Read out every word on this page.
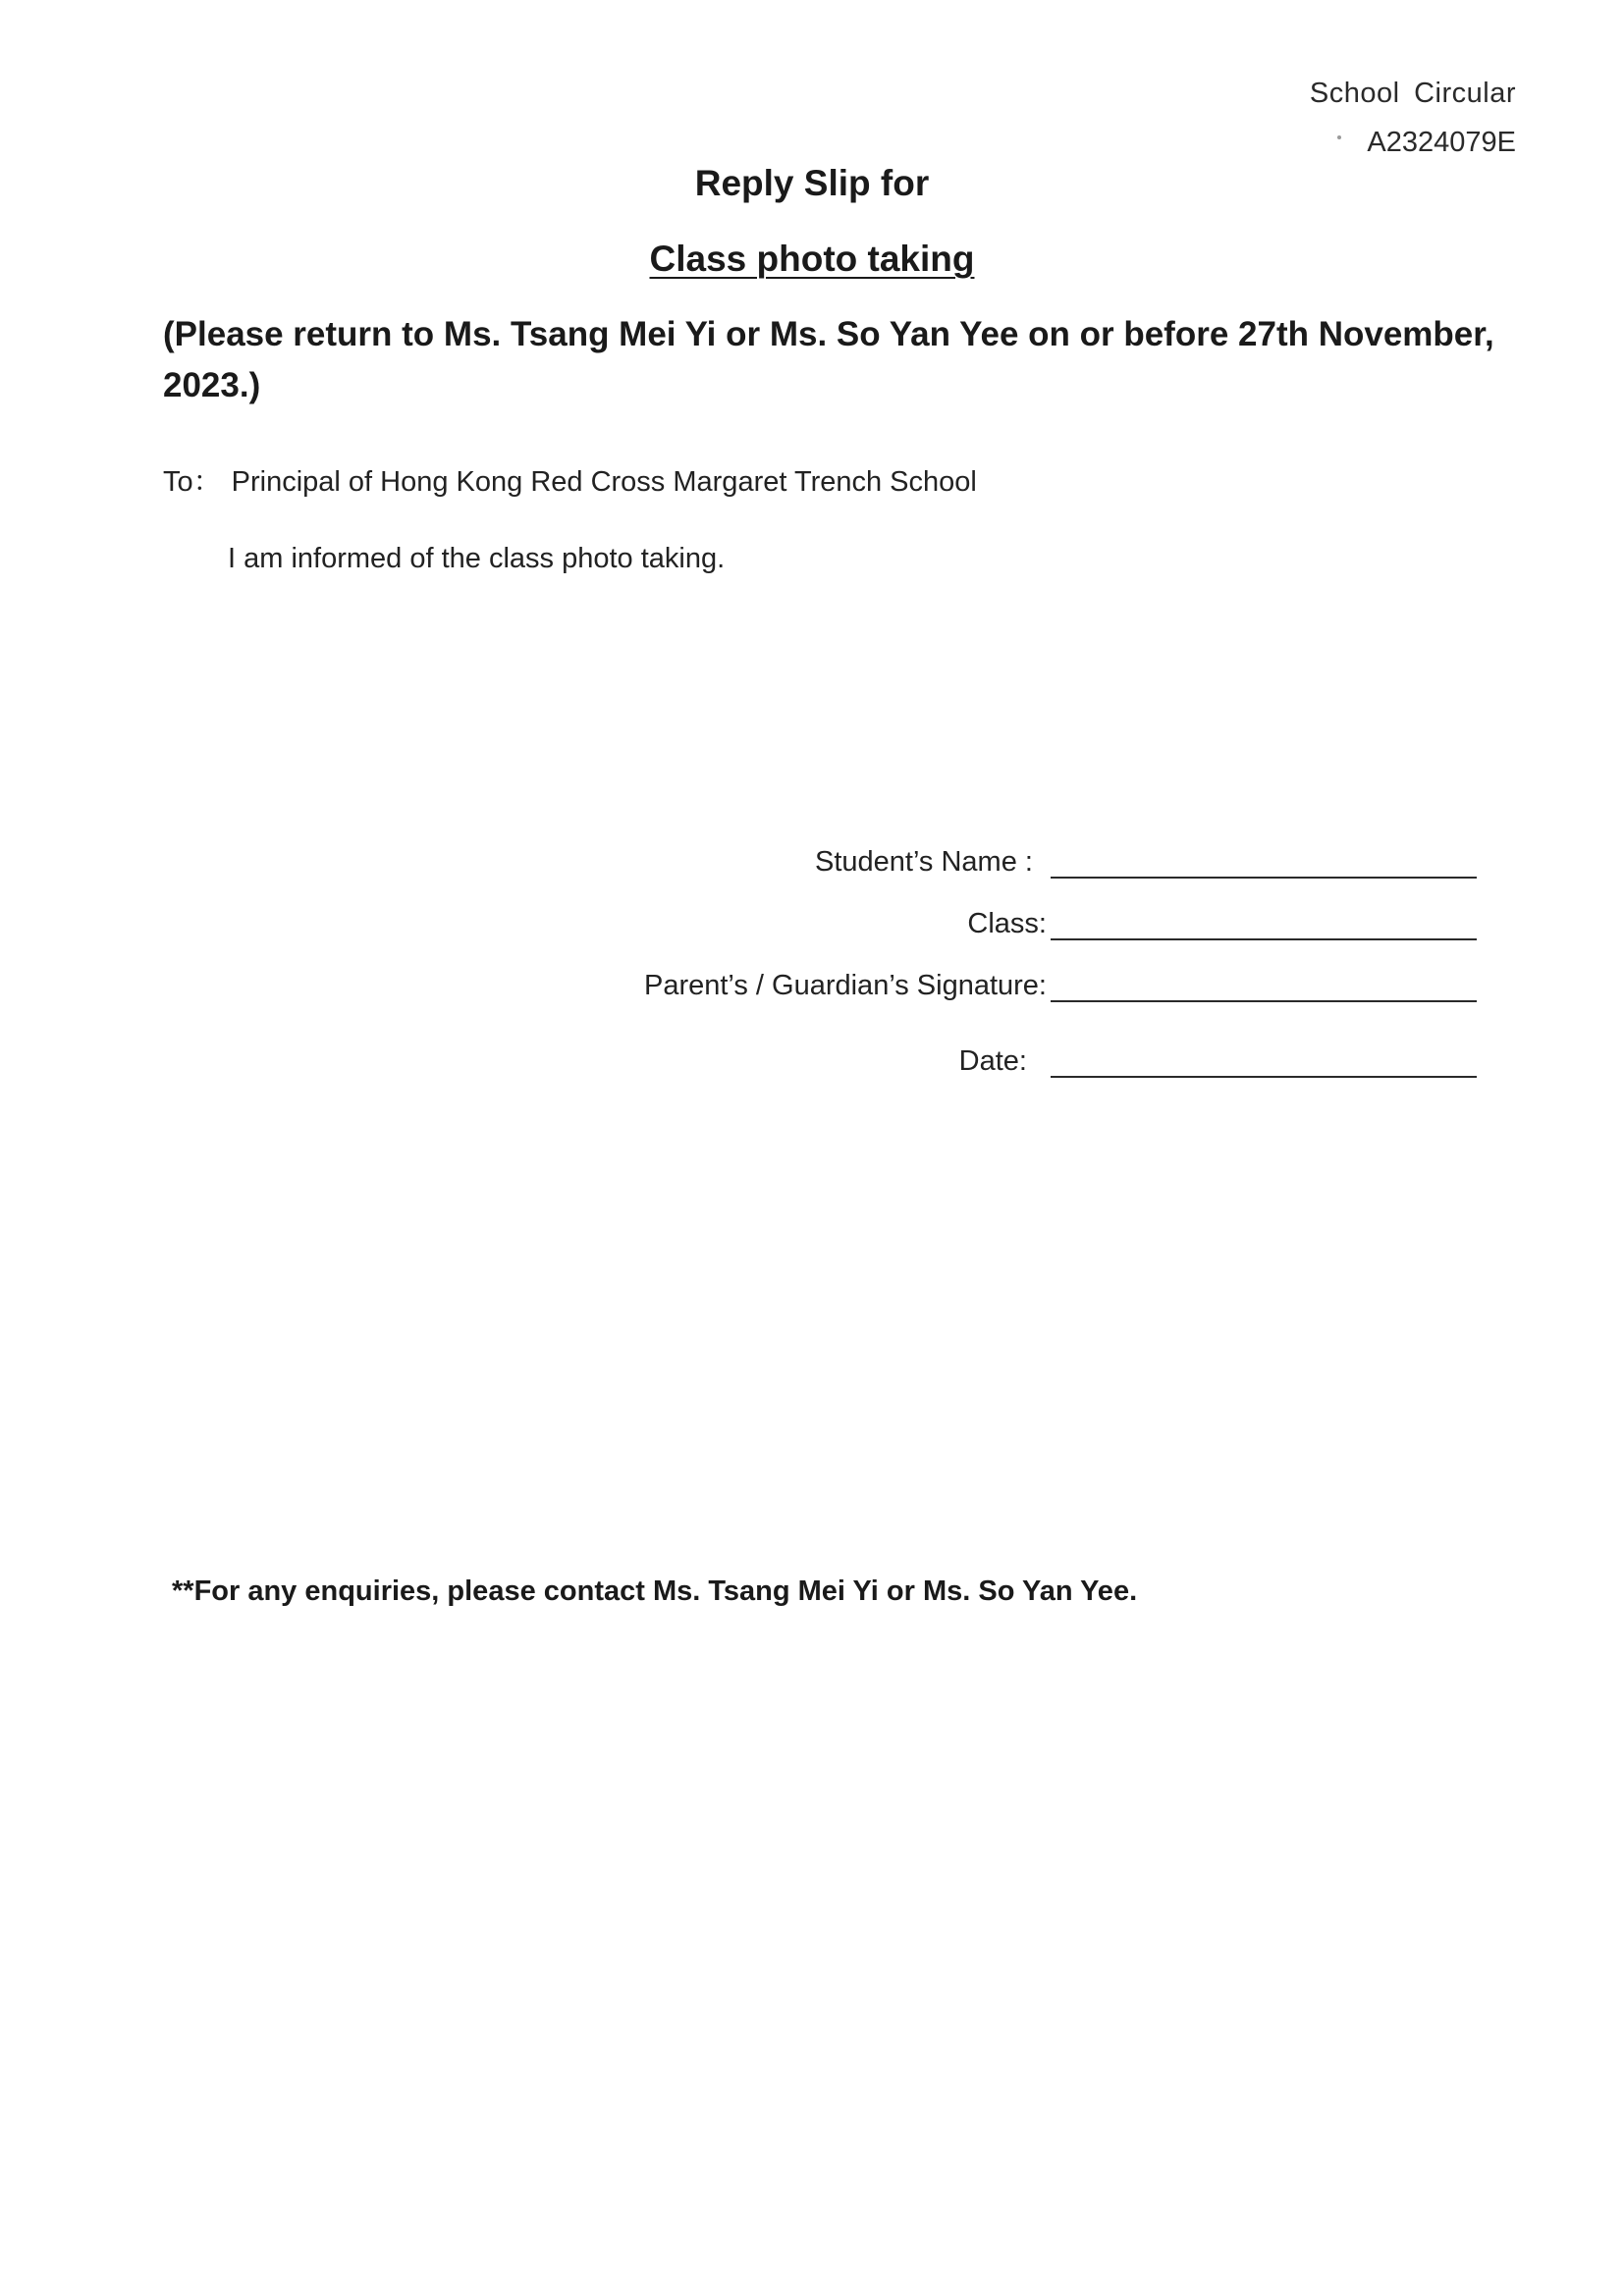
School Circular
A2324079E
Reply Slip for
Class photo taking
(Please return to Ms. Tsang Mei Yi or Ms. So Yan Yee on or before 27th November, 2023.)
To： Principal of Hong Kong Red Cross Margaret Trench School
I am informed of the class photo taking.
Student’s Name :
Class:
Parent’s / Guardian’s Signature:
Date:
**For any enquiries, please contact Ms. Tsang Mei Yi or Ms. So Yan Yee.
